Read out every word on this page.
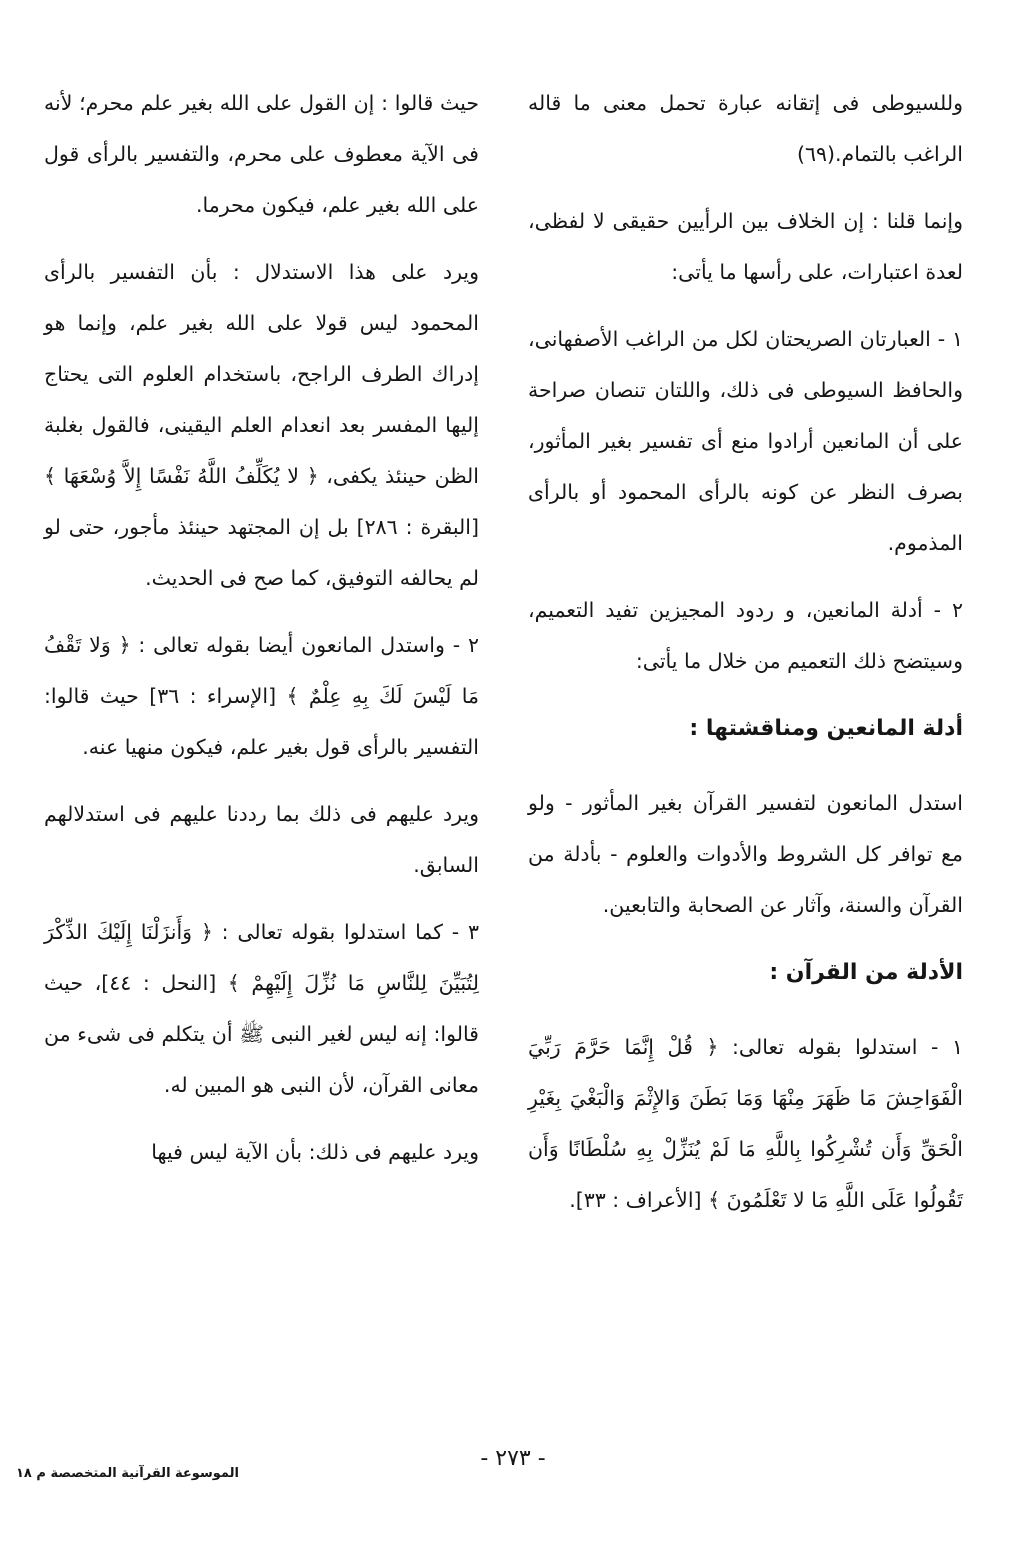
وللسيوطى فى إتقانه عبارة تحمل معنى ما قاله الراغب بالتمام.(٦٩)

وإنما قلنا : إن الخلاف بين الرأيين حقيقى لا لفظى، لعدة اعتبارات، على رأسها ما يأتى:

١ - العبارتان الصريحتان لكل من الراغب الأصفهانى، والحافظ السيوطى فى ذلك، واللتان تنصان صراحة على أن المانعين أرادوا منع أى تفسير بغير المأثور، بصرف النظر عن كونه بالرأى المحمود أو بالرأى المذموم.

٢ - أدلة المانعين، و ردود المجيزين تفيد التعميم، وسيتضح ذلك التعميم من خلال ما يأتى:

أدلة المانعين ومناقشتها :

استدل المانعون لتفسير القرآن بغير المأثور - ولو مع توافر كل الشروط والأدوات والعلوم - بأدلة من القرآن والسنة، وآثار عن الصحابة والتابعين.

الأدلة من القرآن :

١ - استدلوا بقوله تعالى: ﴿ قُلْ إِنَّمَا حَرَّمَ رَبِّيَ الْفَوَاحِشَ مَا ظَهَرَ مِنْهَا وَمَا بَطَنَ وَالإِثْمَ وَالْبَغْيَ بِغَيْرِ الْحَقِّ وَأَن تُشْرِكُوا بِاللَّهِ مَا لَمْ يُنَزِّلْ بِهِ سُلْطَانًا وَأَن تَقُولُوا عَلَى اللَّهِ مَا لا تَعْلَمُونَ ﴾ [الأعراف : ٣٣].

حيث قالوا : إن القول على الله بغير علم محرم؛ لأنه فى الآية معطوف على محرم، والتفسير بالرأى قول على الله بغير علم، فيكون محرما.

ويرد على هذا الاستدلال : بأن التفسير بالرأى المحمود ليس قولا على الله بغير علم، وإنما هو إدراك الطرف الراجح، باستخدام العلوم التى يحتاج إليها المفسر بعد انعدام العلم اليقينى، فالقول بغلبة الظن حينئذ يكفى، ﴿ لا يُكَلِّفُ اللَّهُ نَفْسًا إِلاَّ وُسْعَهَا ﴾ [البقرة : ٢٨٦] بل إن المجتهد حينئذ مأجور، حتى لو لم يحالفه التوفيق، كما صح فى الحديث.

٢ - واستدل المانعون أيضا بقوله تعالى : ﴿ وَلا تَقْفُ مَا لَيْسَ لَكَ بِهِ عِلْمٌ ﴾ [الإسراء : ٣٦] حيث قالوا: التفسير بالرأى قول بغير علم، فيكون منهيا عنه.

ويرد عليهم فى ذلك بما رددنا عليهم فى استدلالهم السابق.

٣ - كما استدلوا بقوله تعالى : ﴿ وَأَنزَلْنَا إِلَيْكَ الذِّكْرَ لِتُبَيِّنَ لِلنَّاسِ مَا نُزِّلَ إِلَيْهِمْ ﴾ [النحل : ٤٤]، حيث قالوا: إنه ليس لغير النبى ﷺ أن يتكلم فى شىء من معانى القرآن، لأن النبى هو المبين له.

ويرد عليهم فى ذلك: بأن الآية ليس فيها

- ٢٧٣ -
الموسوعة القرآنية المتخصصة م ١٨
